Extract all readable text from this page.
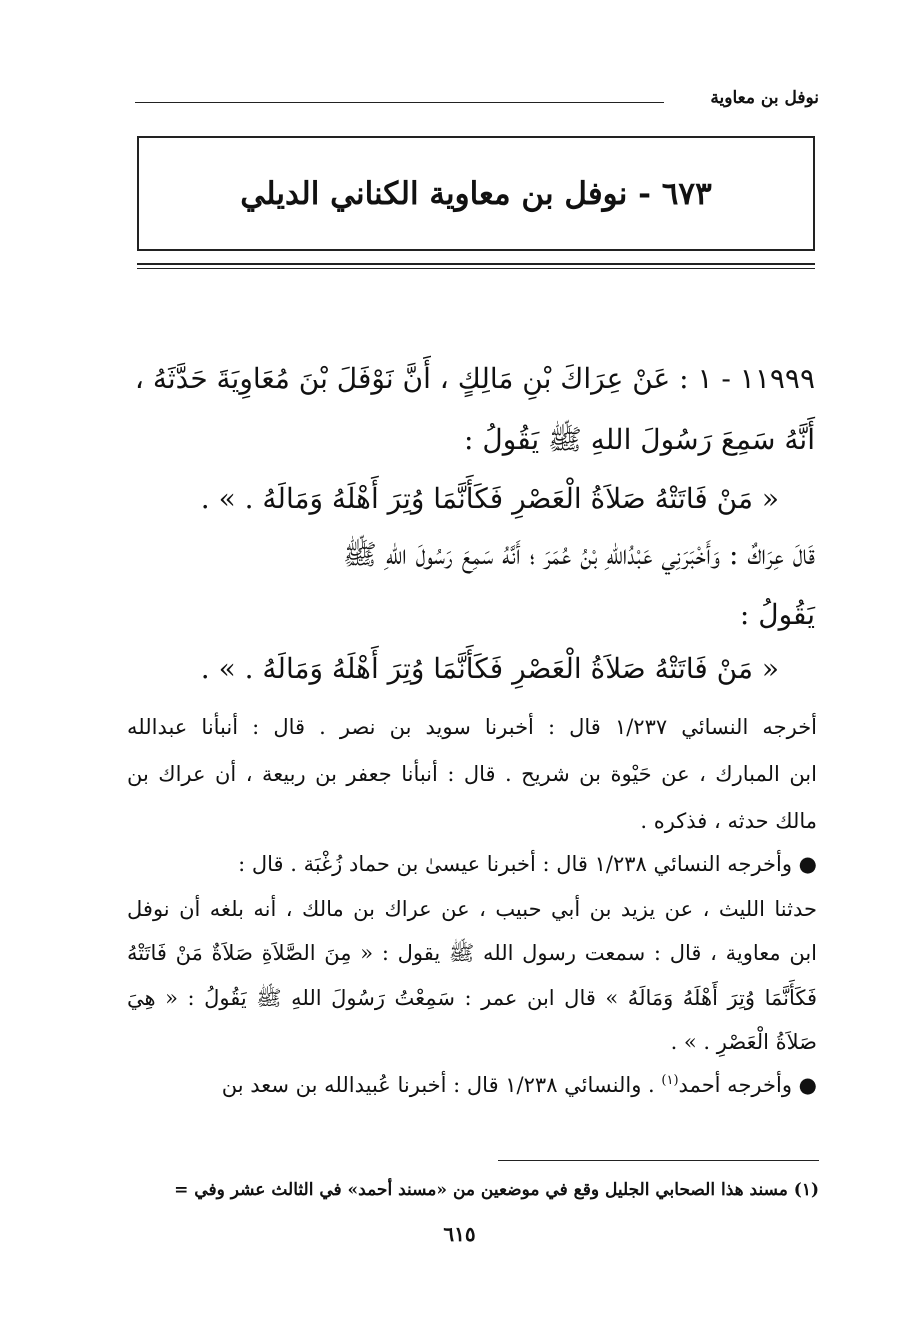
نوفل بن معاوية
٦٧٣ - نوفل بن معاوية الكناني الديلي
١١٩٩٩ - ١ : عَنْ عِرَاكَ بْنِ مَالِكٍ ، أَنَّ نَوْفَلَ بْنَ مُعَاوِيَةَ حَدَّثَهُ ،
أَنَّهُ سَمِعَ رَسُولَ اللهِ ﷺ يَقُولُ :
« مَنْ فَاتَتْهُ صَلاَةُ الْعَصْرِ فَكَأَنَّمَا وُتِرَ أَهْلَهُ وَمَالَهُ . » .
قَالَ عِرَاكٌ : وَأَخْبَرَنِي عَبْدُاللهِ بْنُ عُمَرَ ؛ أَنَّهُ سَمِعَ رَسُولَ اللهِ ﷺ
يَقُولُ :
« مَنْ فَاتَتْهُ صَلاَةُ الْعَصْرِ فَكَأَنَّمَا وُتِرَ أَهْلَهُ وَمَالَهُ . » .
أخرجه النسائي ١/٢٣٧ قال : أخبرنا سويد بن نصر . قال : أنبأنا عبدالله
ابن المبارك ، عن حَيْوة بن شريح . قال : أنبأنا جعفر بن ربيعة ، أن عراك بن
مالك حدثه ، فذكره .
● وأخرجه النسائي ١/٢٣٨ قال : أخبرنا عيسىٰ بن حماد زُغْبَة . قال :
حدثنا الليث ، عن يزيد بن أبي حبيب ، عن عراك بن مالك ، أنه بلغه أن نوفل
ابن معاوية ، قال : سمعت رسول الله ﷺ يقول : « مِنَ الصَّلاَةِ صَلاَةٌ مَنْ فَاتَتْهُ
فَكَأَنَّمَا وُتِرَ أَهْلَهُ وَمَالَهُ » قال ابن عمر : سَمِعْتُ رَسُولَ اللهِ ﷺ يَقُولُ : « هِيَ
صَلاَةُ الْعَصْرِ . » .
● وأخرجه أحمد$^{(١)}$ . والنسائي ١/٢٣٨ قال : أخبرنا عُبيدالله بن سعد بن
(١) مسند هذا الصحابي الجليل وقع في موضعين من «مسند أحمد» في الثالث عشر وفي =
٦١٥
